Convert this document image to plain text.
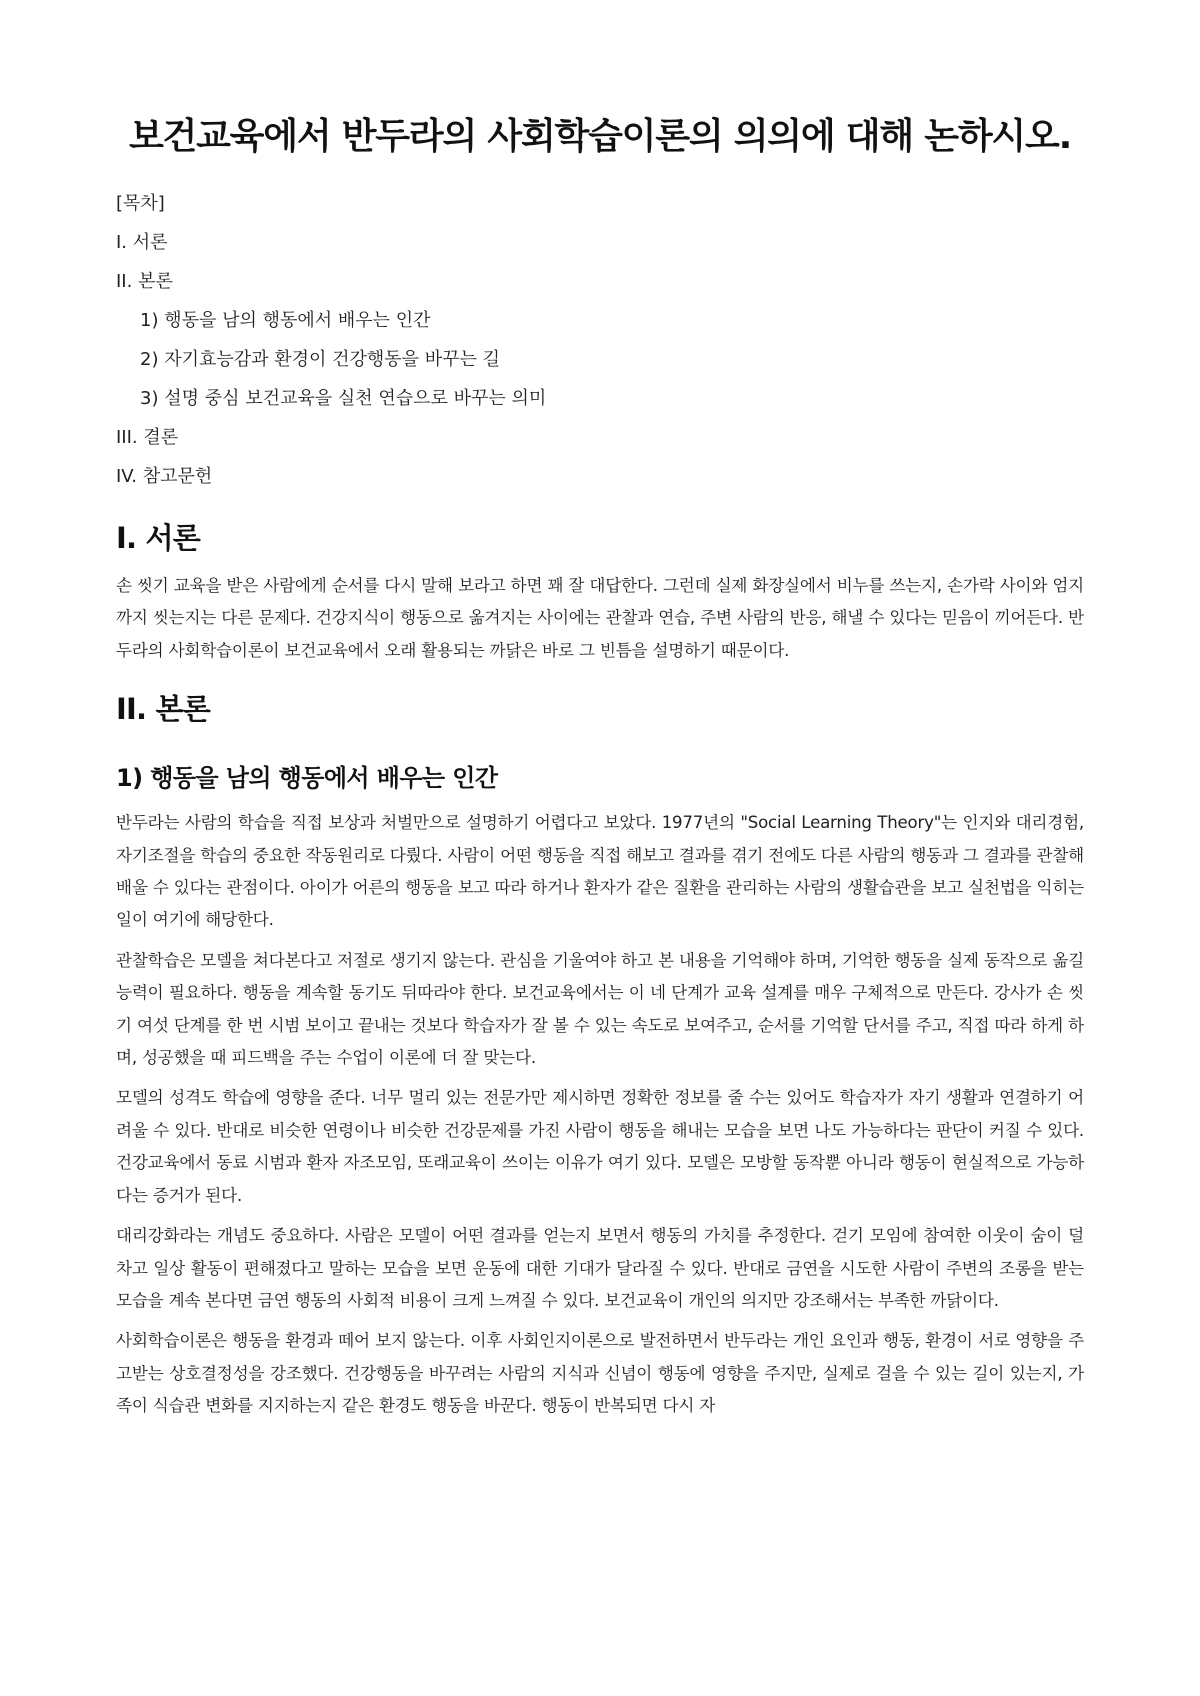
보건교육에서 반두라의 사회학습이론의 의의에 대해 논하시오.

[목차]

I. 서론

II. 본론

1) 행동을 남의 행동에서 배우는 인간

2) 자기효능감과 환경이 건강행동을 바꾸는 길

3) 설명 중심 보건교육을 실천 연습으로 바꾸는 의미

III. 결론

IV. 참고문헌

I. 서론

손 씻기 교육을 받은 사람에게 순서를 다시 말해 보라고 하면 꽤 잘 대답한다. 그런데 실제 화장실에서 비누를 쓰는지, 손가락 사이와 엄지까지 씻는지는 다른 문제다. 건강지식이 행동으로 옮겨지는 사이에는 관찰과 연습, 주변 사람의 반응, 해낼 수 있다는 믿음이 끼어든다. 반두라의 사회학습이론이 보건교육에서 오래 활용되는 까닭은 바로 그 빈틈을 설명하기 때문이다.

II. 본론
1) 행동을 남의 행동에서 배우는 인간

반두라는 사람의 학습을 직접 보상과 처벌만으로 설명하기 어렵다고 보았다. 1977년의 "Social Learning Theory"는 인지와 대리경험, 자기조절을 학습의 중요한 작동원리로 다뤘다. 사람이 어떤 행동을 직접 해보고 결과를 겪기 전에도 다른 사람의 행동과 그 결과를 관찰해 배울 수 있다는 관점이다. 아이가 어른의 행동을 보고 따라 하거나 환자가 같은 질환을 관리하는 사람의 생활습관을 보고 실천법을 익히는 일이 여기에 해당한다.

관찰학습은 모델을 쳐다본다고 저절로 생기지 않는다. 관심을 기울여야 하고 본 내용을 기억해야 하며, 기억한 행동을 실제 동작으로 옮길 능력이 필요하다. 행동을 계속할 동기도 뒤따라야 한다. 보건교육에서는 이 네 단계가 교육 설계를 매우 구체적으로 만든다. 강사가 손 씻기 여섯 단계를 한 번 시범 보이고 끝내는 것보다 학습자가 잘 볼 수 있는 속도로 보여주고, 순서를 기억할 단서를 주고, 직접 따라 하게 하며, 성공했을 때 피드백을 주는 수업이 이론에 더 잘 맞는다.

모델의 성격도 학습에 영향을 준다. 너무 멀리 있는 전문가만 제시하면 정확한 정보를 줄 수는 있어도 학습자가 자기 생활과 연결하기 어려울 수 있다. 반대로 비슷한 연령이나 비슷한 건강문제를 가진 사람이 행동을 해내는 모습을 보면 나도 가능하다는 판단이 커질 수 있다. 건강교육에서 동료 시범과 환자 자조모임, 또래교육이 쓰이는 이유가 여기 있다. 모델은 모방할 동작뿐 아니라 행동이 현실적으로 가능하다는 증거가 된다.

대리강화라는 개념도 중요하다. 사람은 모델이 어떤 결과를 얻는지 보면서 행동의 가치를 추정한다. 걷기 모임에 참여한 이웃이 숨이 덜 차고 일상 활동이 편해졌다고 말하는 모습을 보면 운동에 대한 기대가 달라질 수 있다. 반대로 금연을 시도한 사람이 주변의 조롱을 받는 모습을 계속 본다면 금연 행동의 사회적 비용이 크게 느껴질 수 있다. 보건교육이 개인의 의지만 강조해서는 부족한 까닭이다.

사회학습이론은 행동을 환경과 떼어 보지 않는다. 이후 사회인지이론으로 발전하면서 반두라는 개인 요인과 행동, 환경이 서로 영향을 주고받는 상호결정성을 강조했다. 건강행동을 바꾸려는 사람의 지식과 신념이 행동에 영향을 주지만, 실제로 걸을 수 있는 길이 있는지, 가족이 식습관 변화를 지지하는지 같은 환경도 행동을 바꾼다. 행동이 반복되면 다시 자
